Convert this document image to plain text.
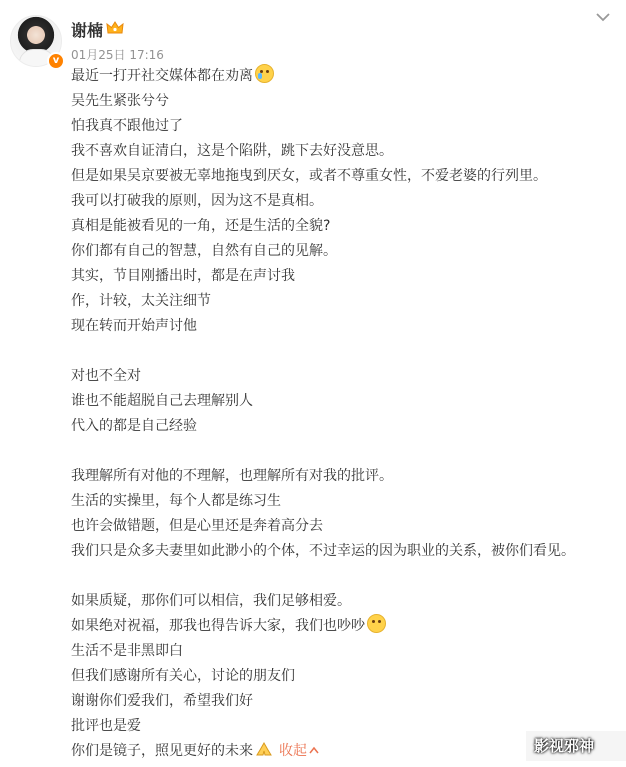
v
谢楠
01月25日 17:16
最近一打开社交媒体都在劝离
吴先生紧张兮兮
怕我真不跟他过了
我不喜欢自证清白，这是个陷阱，跳下去好没意思。
但是如果吴京要被无辜地拖曳到厌女，或者不尊重女性，不爱老婆的行列里。
我可以打破我的原则，因为这不是真相。
真相是能被看见的一角，还是生活的全貌?
你们都有自己的智慧，自然有自己的见解。
其实，节目刚播出时，都是在声讨我
作，计较，太关注细节
现在转而开始声讨他
对也不全对
谁也不能超脱自己去理解别人
代入的都是自己经验
我理解所有对他的不理解，也理解所有对我的批评。
生活的实操里，每个人都是练习生
也许会做错题，但是心里还是奔着高分去
我们只是众多夫妻里如此渺小的个体，不过幸运的因为职业的关系，被你们看见。
如果质疑，那你们可以相信，我们足够相爱。
如果绝对祝福，那我也得告诉大家，我们也吵吵
生活不是非黑即白
但我们感谢所有关心，讨论的朋友们
谢谢你们爱我们，希望我们好
批评也是爱
你们是镜子，照见更好的未来 收起	影视邪神
